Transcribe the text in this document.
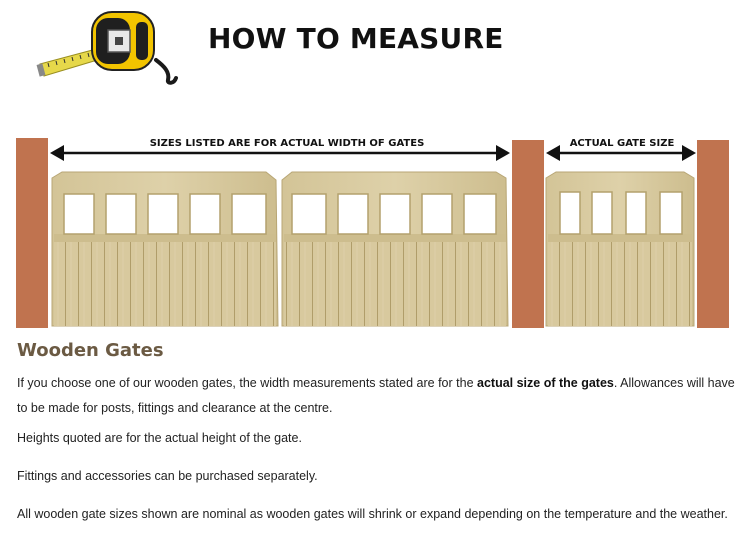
HOW TO MEASURE
SIZES LISTED ARE FOR ACTUAL WIDTH OF GATES	ACTUAL GATE SIZE
Wooden Gates

If you choose one of our wooden gates, the width measurements stated are for the actual size of the gates. Allowances will have to be made for posts, fittings and clearance at the centre.

Heights quoted are for the actual height of the gate.

Fittings and accessories can be purchased separately.

All wooden gate sizes shown are nominal as wooden gates will shrink or expand depending on the temperature and the weather.
